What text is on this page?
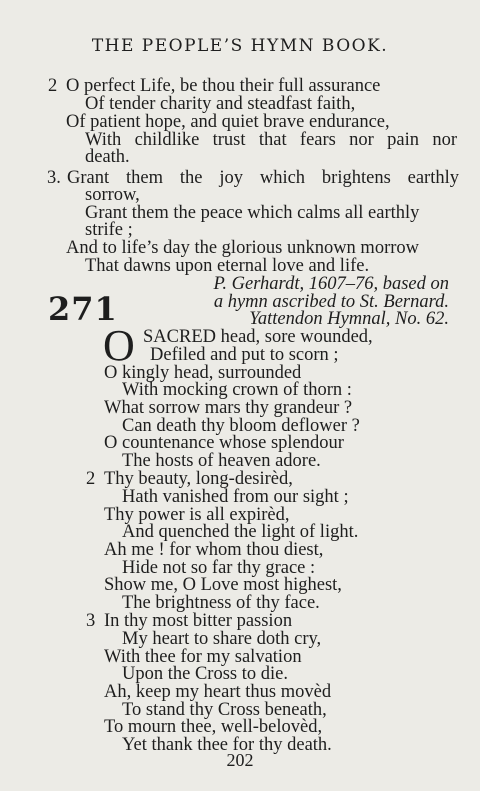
THE PEOPLE’S HYMN BOOK.
2 O perfect Life, be thou their full assurance
Of tender charity and steadfast faith,
Of patient hope, and quiet brave endurance,
With childlike trust that fears nor pain nor
death.
3. Grant them the joy which brightens earthly
sorrow,
Grant them the peace which calms all earthly
strife ;
And to life’s day the glorious unknown morrow
That dawns upon eternal love and life.
P. Gerhardt, 1607–76, based on
a hymn ascribed to St. Bernard.
Yattendon Hymnal, No. 62.
271
O SACRED head, sore wounded,
Defiled and put to scorn ;
O kingly head, surrounded
With mocking crown of thorn :
What sorrow mars thy grandeur ?
Can death thy bloom deflower ?
O countenance whose splendour
The hosts of heaven adore.
2 Thy beauty, long-desirèd,
Hath vanished from our sight ;
Thy power is all expirèd,
And quenched the light of light.
Ah me ! for whom thou diest,
Hide not so far thy grace :
Show me, O Love most highest,
The brightness of thy face.
3 In thy most bitter passion
My heart to share doth cry,
With thee for my salvation
Upon the Cross to die.
Ah, keep my heart thus movèd
To stand thy Cross beneath,
To mourn thee, well-belovèd,
Yet thank thee for thy death.
202
